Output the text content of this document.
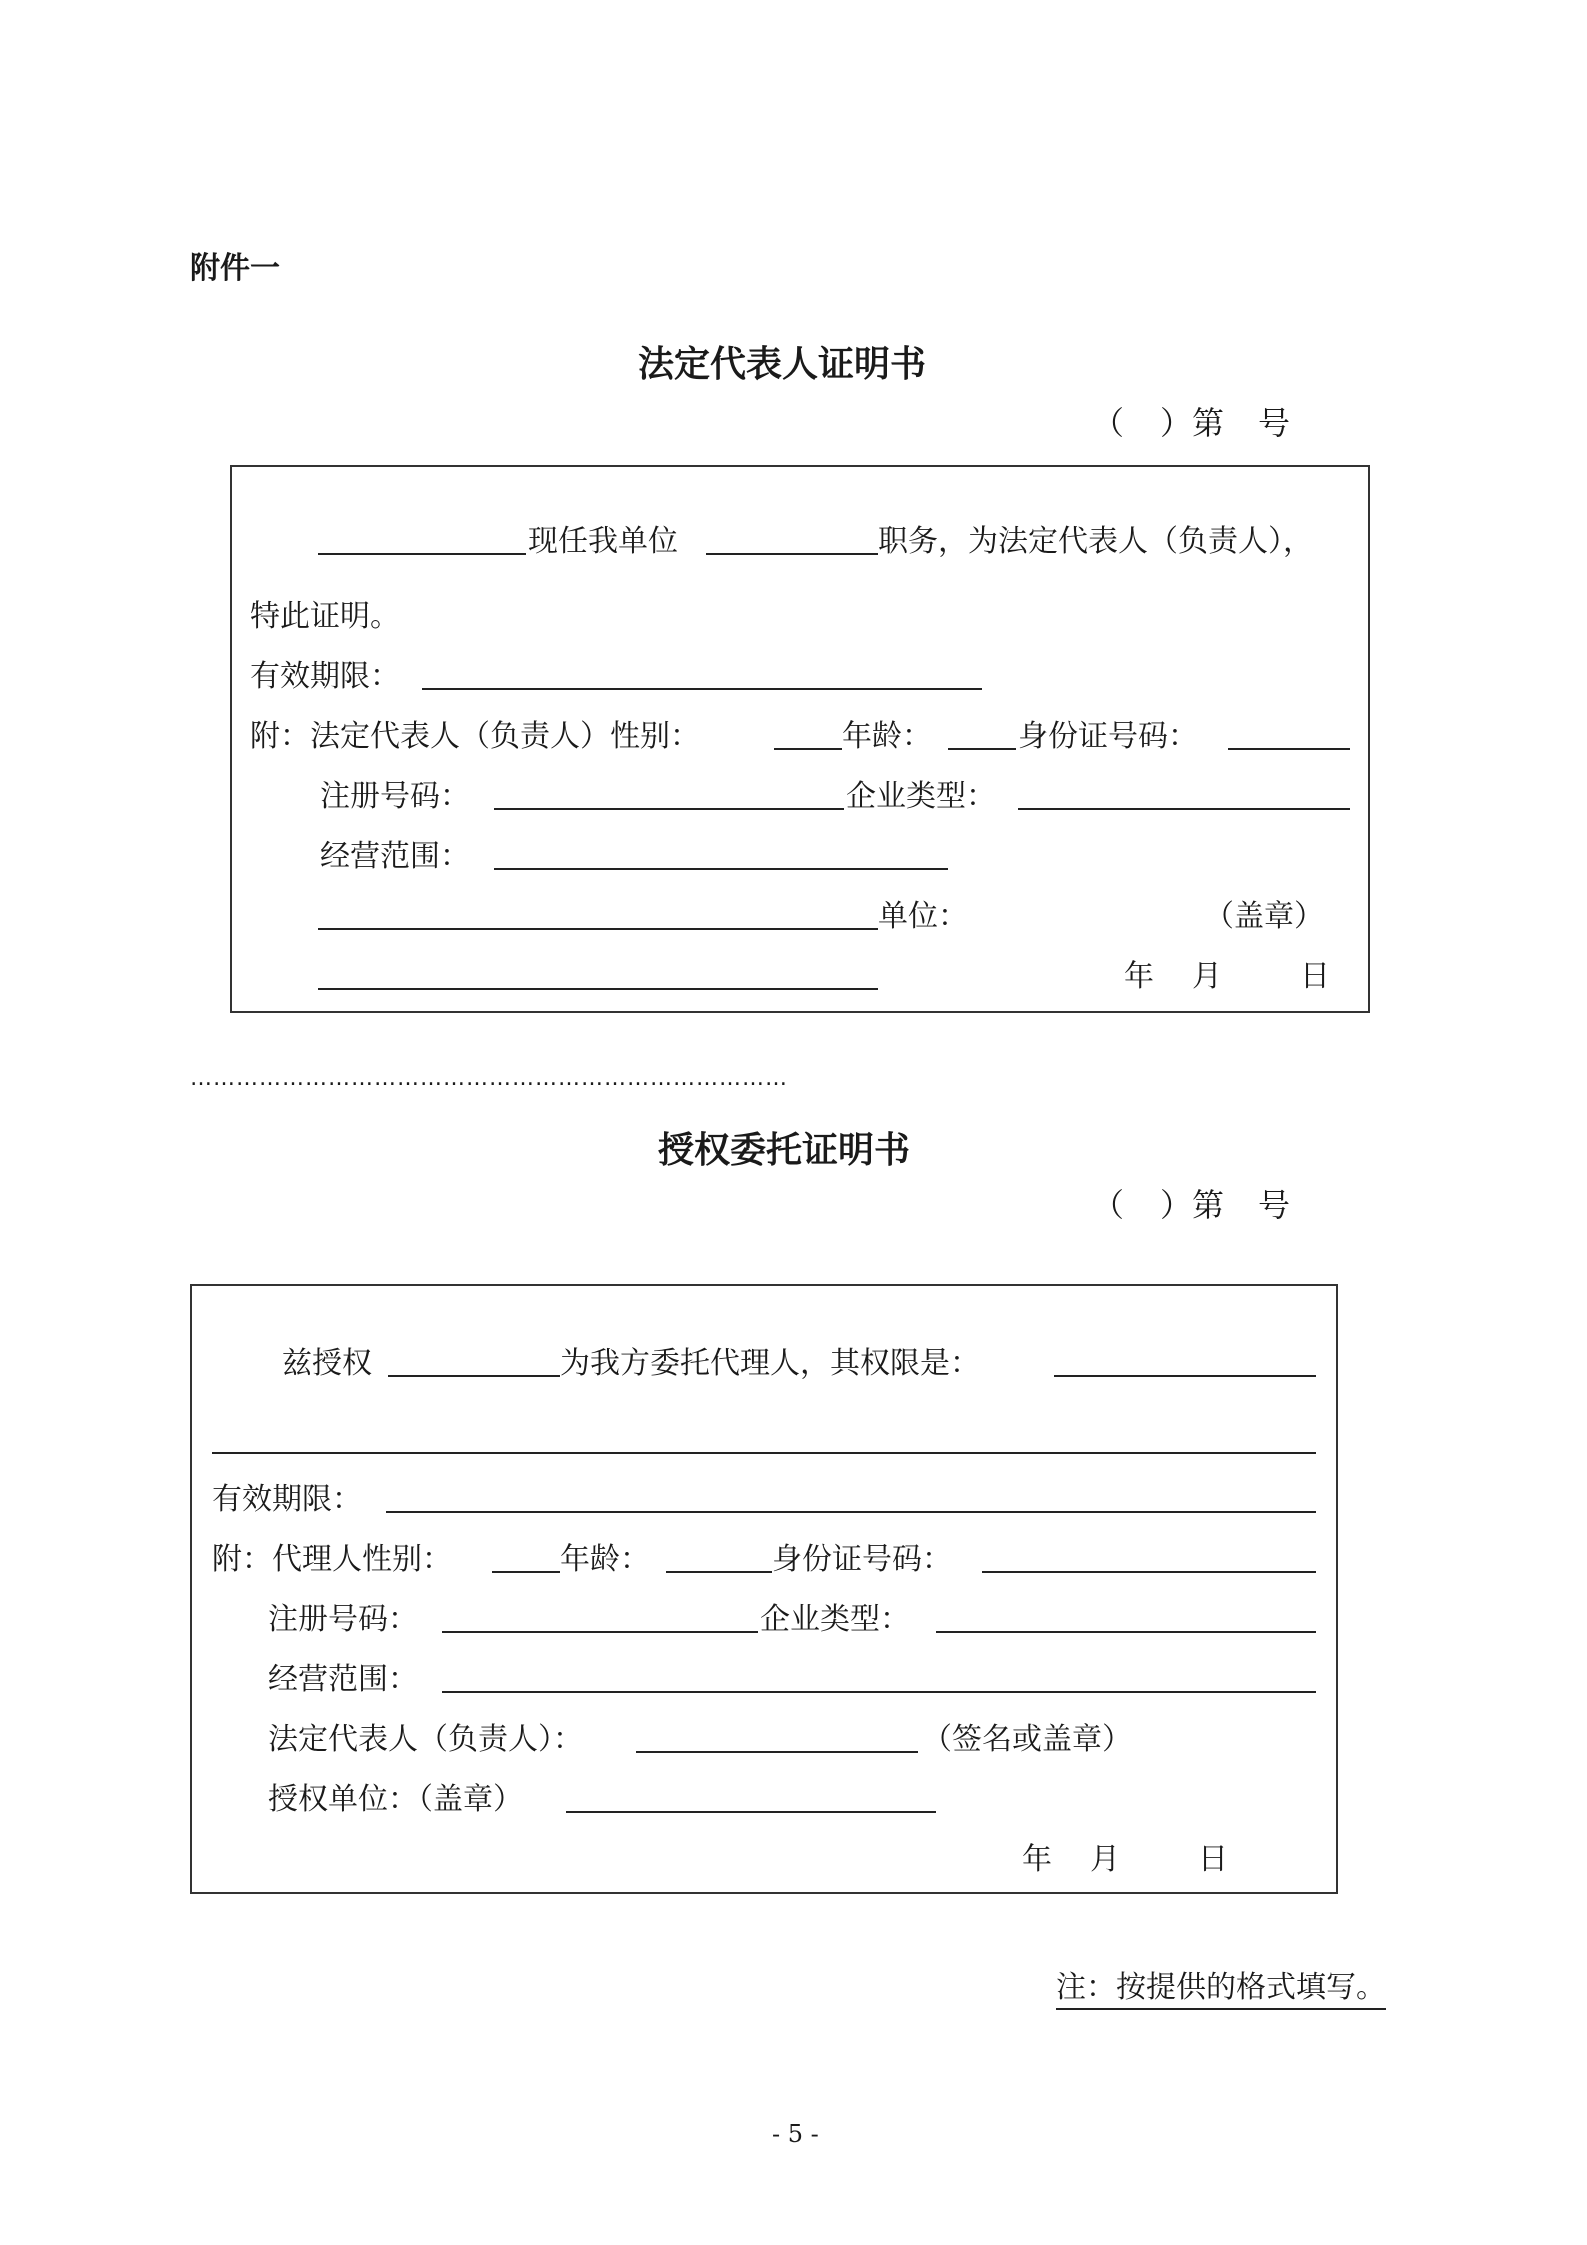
附件一
法定代表人证明书
（ ）第 号
现任我单位	职务，为法定代表人（负责人），
特此证明。
有效期限：
附：法定代表人（负责人）性别：	年龄：	身份证号码：
注册号码：	企业类型：
经营范围：
单位：	（盖章）
年 月	日
……………………………………………………………………
授权委托证明书
（ ）第 号
兹授权	为我方委托代理人，其权限是：
有效期限：
附：代理人性别：	年龄：	身份证号码：
注册号码：	企业类型：
经营范围：
法定代表人（负责人）：	（签名或盖章）
授权单位：（盖章）
年 月	日
注：按提供的格式填写。
- 5 -
